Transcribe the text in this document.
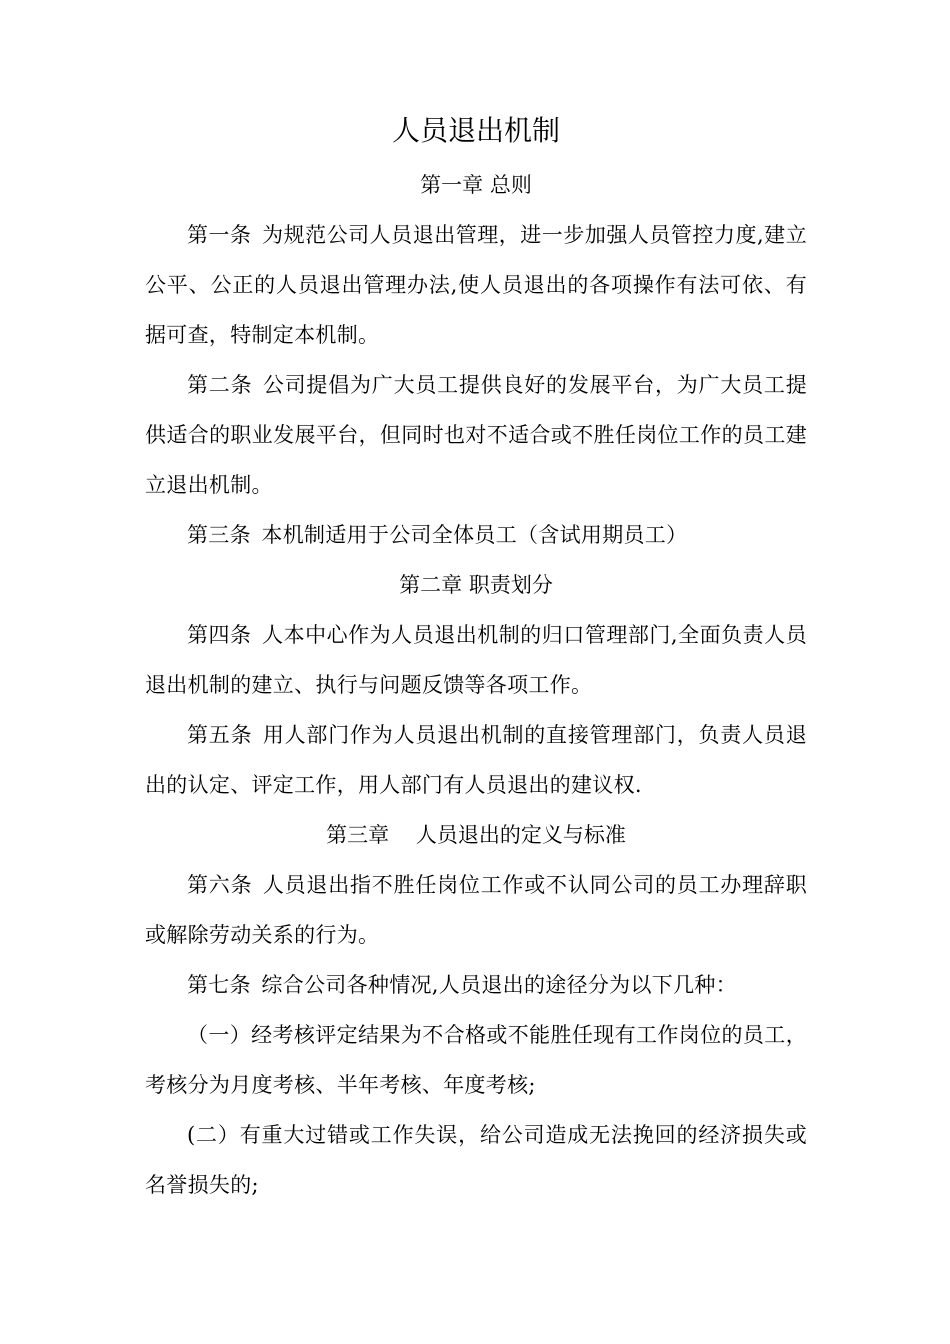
人员退出机制
第一章 总则

第一条 为规范公司人员退出管理，进一步加强人员管控力度,建立公平、公正的人员退出管理办法,使人员退出的各项操作有法可依、有据可查，特制定本机制。

第二条 公司提倡为广大员工提供良好的发展平台，为广大员工提供适合的职业发展平台，但同时也对不适合或不胜任岗位工作的员工建立退出机制。

第三条 本机制适用于公司全体员工（含试用期员工）

第二章 职责划分

第四条 人本中心作为人员退出机制的归口管理部门,全面负责人员退出机制的建立、执行与问题反馈等各项工作。

第五条 用人部门作为人员退出机制的直接管理部门，负责人员退出的认定、评定工作，用人部门有人员退出的建议权.

第三章    人员退出的定义与标准

第六条 人员退出指不胜任岗位工作或不认同公司的员工办理辞职或解除劳动关系的行为。

第七条 综合公司各种情况,人员退出的途径分为以下几种：

（一）经考核评定结果为不合格或不能胜任现有工作岗位的员工，考核分为月度考核、半年考核、年度考核;

(二）有重大过错或工作失误，给公司造成无法挽回的经济损失或名誉损失的;
